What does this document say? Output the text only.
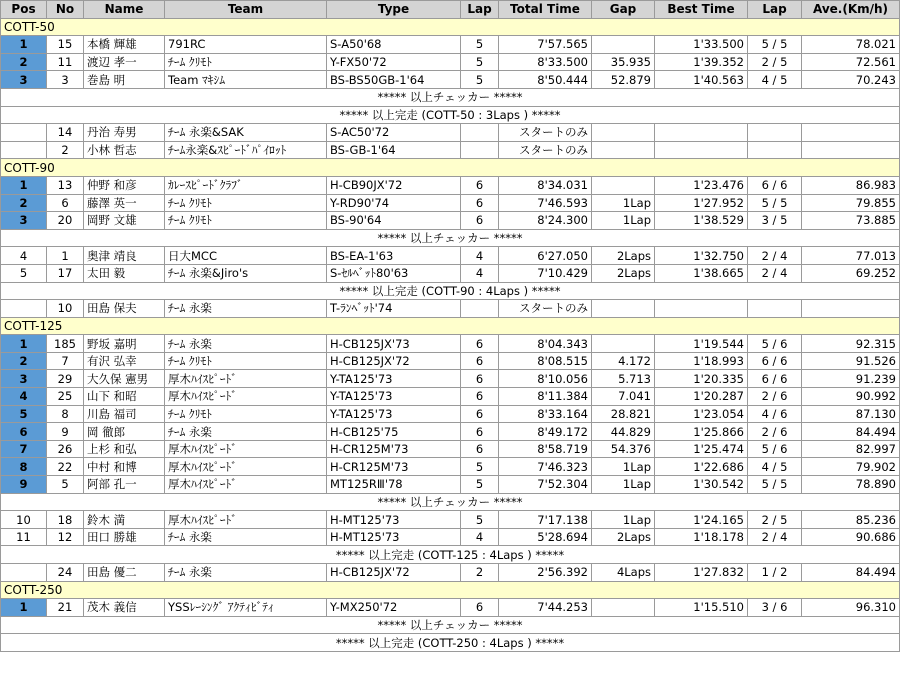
Pos	No	Name	Team	Type	Lap	Total Time	Gap	Best Time	Lap	Ave.(Km/h)
COTT-50										
1	15	本橋 輝雄	791RC	S-A50'68	5	7'57.565		1'33.500	5 / 5	78.021
2	11	渡辺 孝一	ﾁｰﾑ ｸﾘﾓﾄ	Y-FX50'72	5	8'33.500	35.935	1'39.352	2 / 5	72.561
3	3	巻島 明	Team ﾏｷｼﾑ	BS-BS50GB-1'64	5	8'50.444	52.879	1'40.563	4 / 5	70.243
***** 以上チェッカー *****										
***** 以上完走 (COTT-50 : 3Laps ) *****										
	14	丹治 寿男	ﾁｰﾑ 永楽&SAK	S-AC50'72		スタートのみ				
	2	小林 哲志	ﾁｰﾑ永楽&ｽﾋﾟｰﾄﾞﾊﾟｲﾛｯﾄ	BS-GB-1'64		スタートのみ				
COTT-90										
1	13	仲野 和彦	ｶﾚｰｽﾋﾟｰﾄﾞｸﾗﾌﾞ	H-CB90JX'72	6	8'34.031		1'23.476	6 / 6	86.983
2	6	藤澤 英一	ﾁｰﾑ ｸﾘﾓﾄ	Y-RD90'74	6	7'46.593	1Lap	1'27.952	5 / 5	79.855
3	20	岡野 文雄	ﾁｰﾑ ｸﾘﾓﾄ	BS-90'64	6	8'24.300	1Lap	1'38.529	3 / 5	73.885
***** 以上チェッカー *****										
4	1	奥津 靖良	日大MCC	BS-EA-1'63	4	6'27.050	2Laps	1'32.750	2 / 4	77.013
5	17	太田 毅	ﾁｰﾑ 永楽&Jiro's	S-ｾﾙﾍﾞｯﾄ80'63	4	7'10.429	2Laps	1'38.665	2 / 4	69.252
***** 以上完走 (COTT-90 : 4Laps ) *****										
	10	田島 保夫	ﾁｰﾑ 永楽	T-ﾗﾝﾍﾞｯﾄ'74		スタートのみ				
COTT-125										
1	185	野坂 嘉明	ﾁｰﾑ 永楽	H-CB125JX'73	6	8'04.343		1'19.544	5 / 6	92.315
2	7	有沢 弘幸	ﾁｰﾑ ｸﾘﾓﾄ	H-CB125JX'72	6	8'08.515	4.172	1'18.993	6 / 6	91.526
3	29	大久保 憲男	厚木ﾊｲｽﾋﾟｰﾄﾞ	Y-TA125'73	6	8'10.056	5.713	1'20.335	6 / 6	91.239
4	25	山下 和昭	厚木ﾊｲｽﾋﾟｰﾄﾞ	Y-TA125'73	6	8'11.384	7.041	1'20.287	2 / 6	90.992
5	8	川島 福司	ﾁｰﾑ ｸﾘﾓﾄ	Y-TA125'73	6	8'33.164	28.821	1'23.054	4 / 6	87.130
6	9	岡 徹郎	ﾁｰﾑ 永楽	H-CB125'75	6	8'49.172	44.829	1'25.866	2 / 6	84.494
7	26	上杉 和弘	厚木ﾊｲｽﾋﾟｰﾄﾞ	H-CR125M'73	6	8'58.719	54.376	1'25.474	5 / 6	82.997
8	22	中村 和博	厚木ﾊｲｽﾋﾟｰﾄﾞ	H-CR125M'73	5	7'46.323	1Lap	1'22.686	4 / 5	79.902
9	5	阿部 孔一	厚木ﾊｲｽﾋﾟｰﾄﾞ	MT125RⅢ'78	5	7'52.304	1Lap	1'30.542	5 / 5	78.890
***** 以上チェッカー *****										
10	18	鈴木 満	厚木ﾊｲｽﾋﾟｰﾄﾞ	H-MT125'73	5	7'17.138	1Lap	1'24.165	2 / 5	85.236
11	12	田口 勝雄	ﾁｰﾑ 永楽	H-MT125'73	4	5'28.694	2Laps	1'18.178	2 / 4	90.686
***** 以上完走 (COTT-125 : 4Laps ) *****										
	24	田島 優二	ﾁｰﾑ 永楽	H-CB125JX'72	2	2'56.392	4Laps	1'27.832	1 / 2	84.494
COTT-250										
1	21	茂木 義信	YSSﾚｰｼﾝｸﾞ ｱｸﾃｨﾋﾞﾃｨ	Y-MX250'72	6	7'44.253		1'15.510	3 / 6	96.310
***** 以上チェッカー *****										
***** 以上完走 (COTT-250 : 4Laps ) *****										
